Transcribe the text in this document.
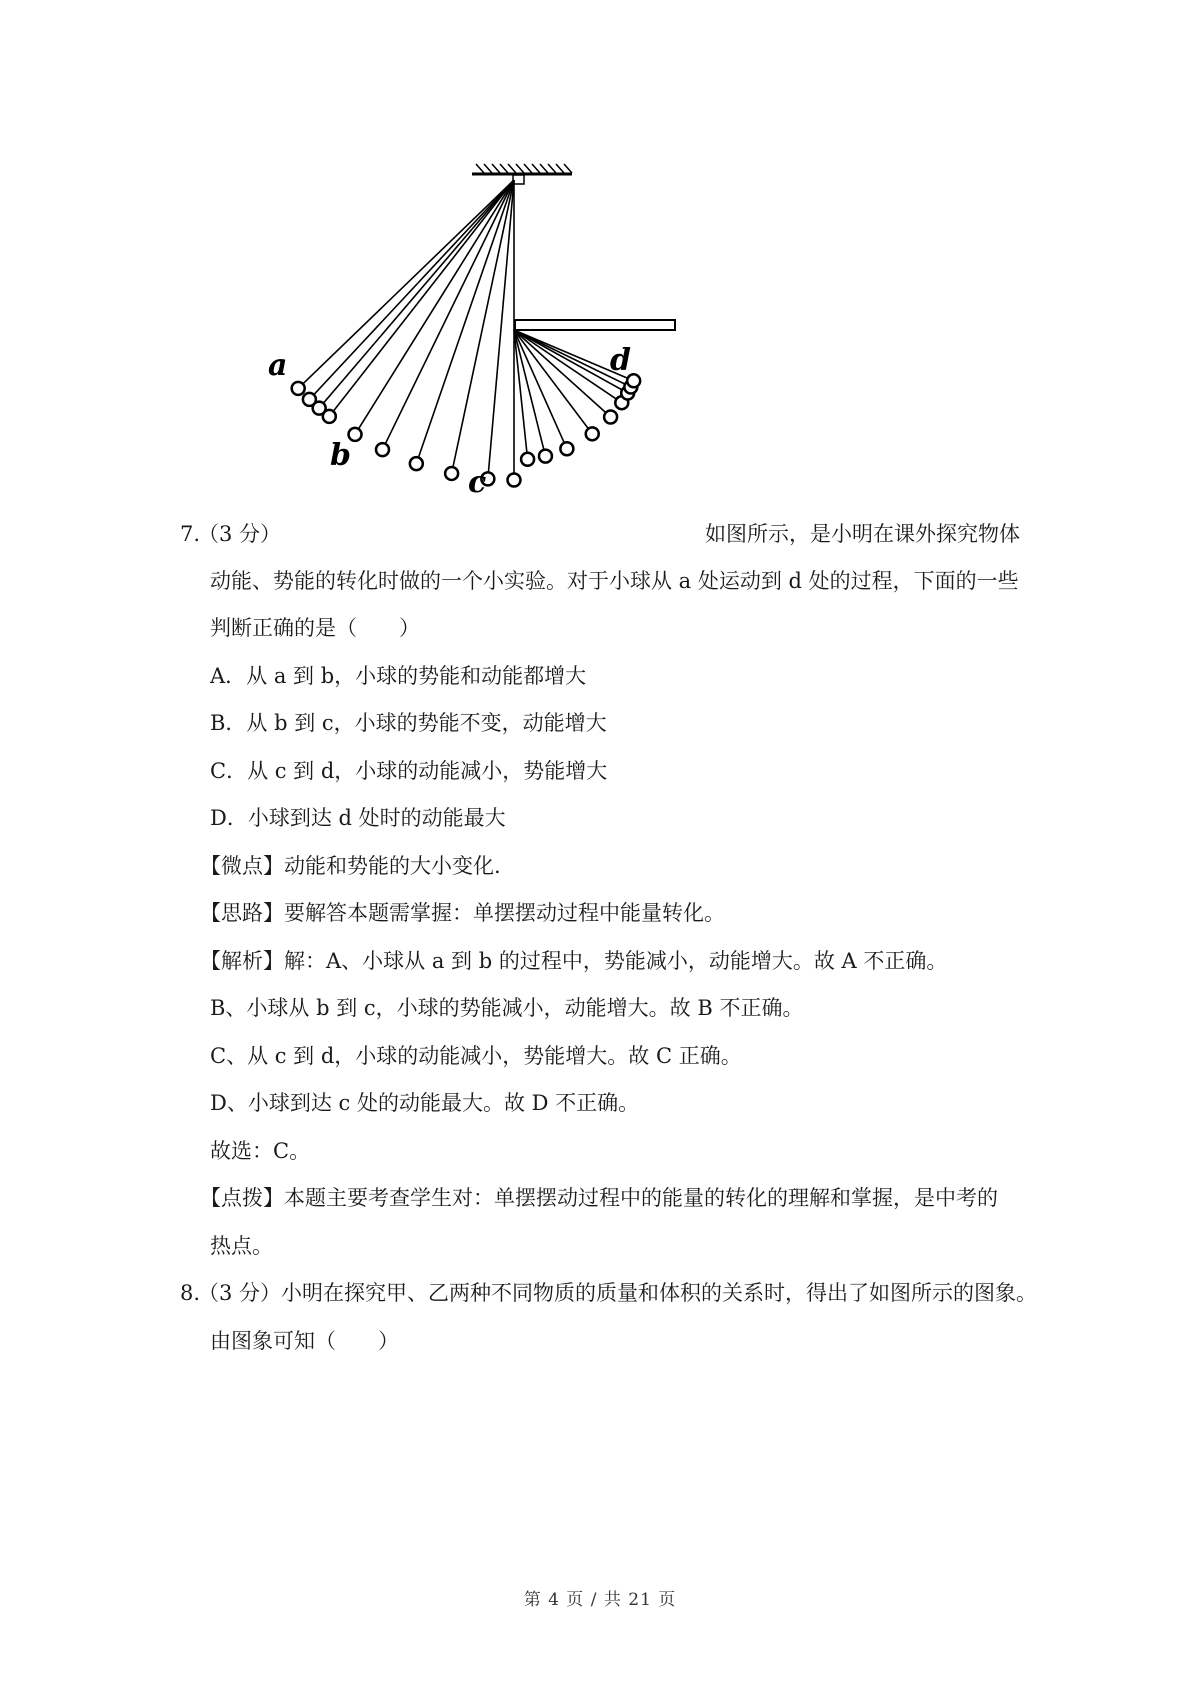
a
b
c
d
7.
（3 分）	如图所示，是小明在课外探究物体
动能、势能的转化时做的一个小实验。对于小球从 a 处运动到 d 处的过程，下面的一些
判断正确的是（　　）
A．从 a 到 b，小球的势能和动能都增大
B．从 b 到 c，小球的势能不变，动能增大
C．从 c 到 d，小球的动能减小，势能增大
D．小球到达 d 处时的动能最大
【微点】动能和势能的大小变化.
【思路】要解答本题需掌握：单摆摆动过程中能量转化。
【解析】解：A、小球从 a 到 b 的过程中，势能减小，动能增大。故 A 不正确。
B、小球从 b 到 c，小球的势能减小，动能增大。故 B 不正确。
C、从 c 到 d，小球的动能减小，势能增大。故 C 正确。
D、小球到达 c 处的动能最大。故 D 不正确。
故选：C。
【点拨】本题主要考查学生对：单摆摆动过程中的能量的转化的理解和掌握，是中考的
热点。
8.
（3 分）小明在探究甲、乙两种不同物质的质量和体积的关系时，得出了如图所示的图象。
由图象可知（　　）
第 4 页 / 共 21 页
